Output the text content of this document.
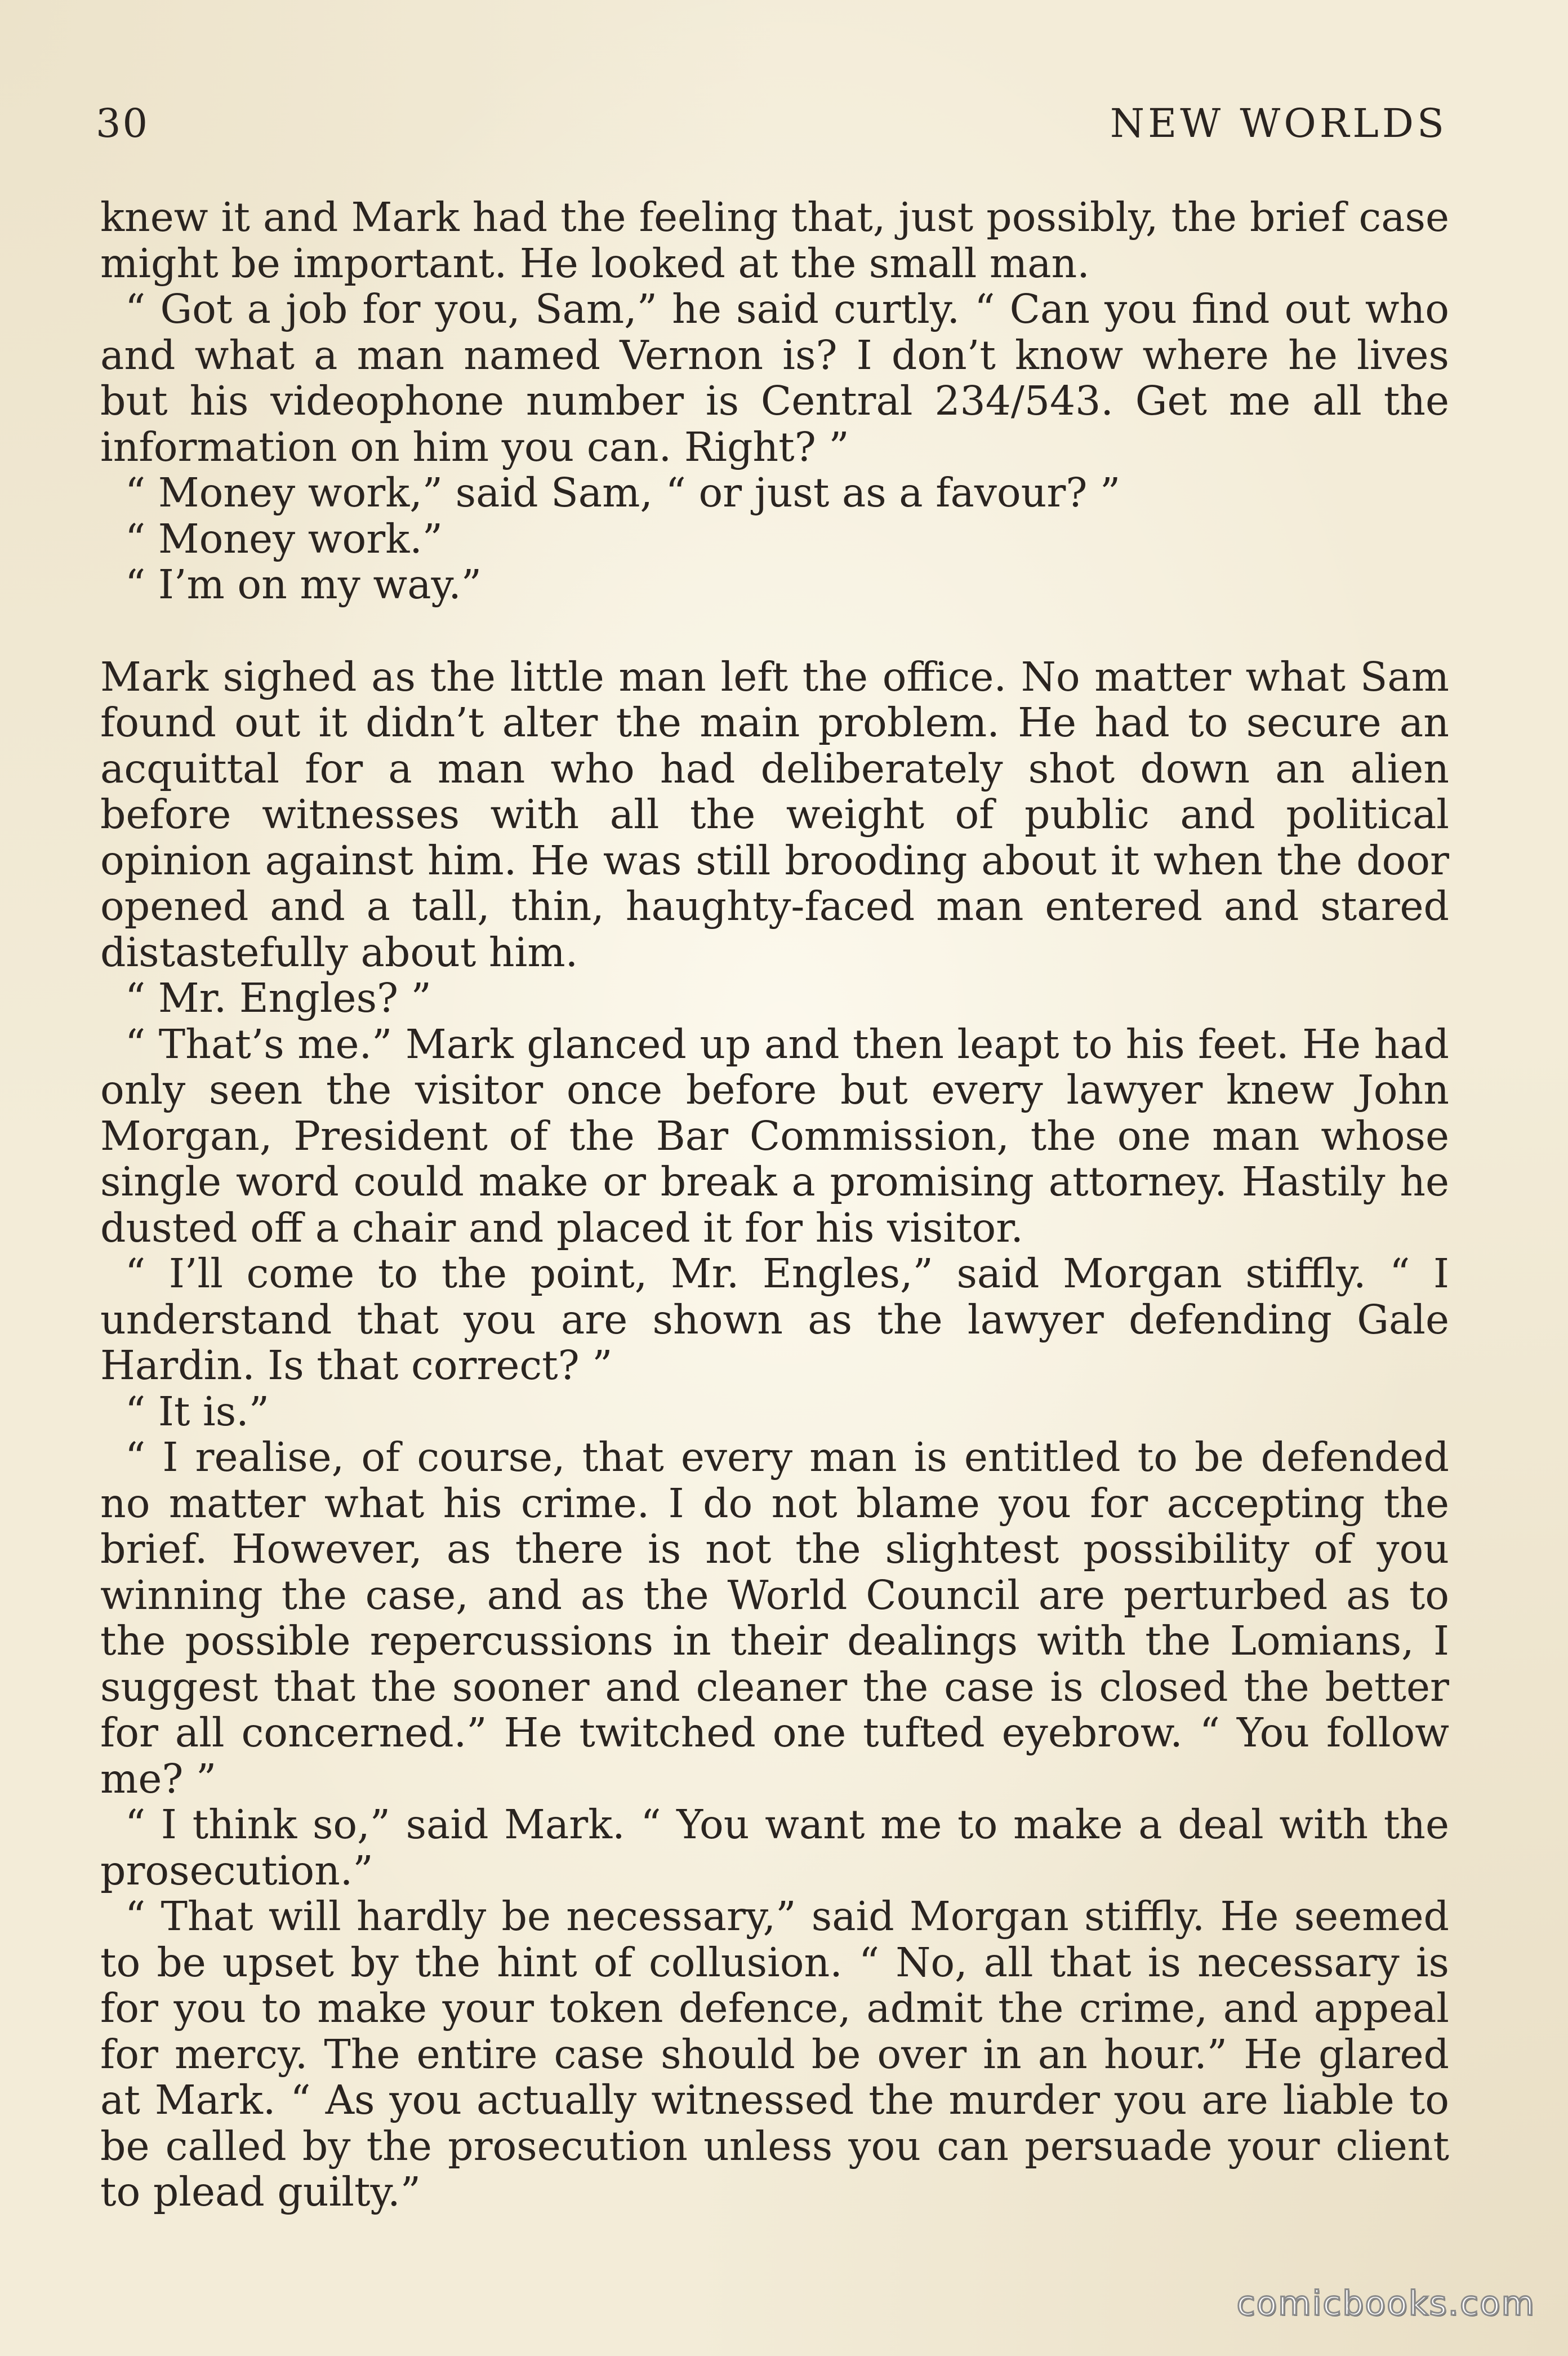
30	NEW WORLDS

knew it and Mark had the feeling that, just possibly, the brief case might be important. He looked at the small man.

“ Got a job for you, Sam,” he said curtly. “ Can you find out who and what a man named Vernon is? I don’t know where he lives but his videophone number is Central 234/543. Get me all the information on him you can. Right? ”

“ Money work,” said Sam, “ or just as a favour? ”

“ Money work.”

“ I’m on my way.”

Mark sighed as the little man left the office. No matter what Sam found out it didn’t alter the main problem. He had to secure an acquittal for a man who had deliberately shot down an alien before witnesses with all the weight of public and political opinion against him. He was still brooding about it when the door opened and a tall, thin, haughty-faced man entered and stared distastefully about him.

“ Mr. Engles? ”

“ That’s me.” Mark glanced up and then leapt to his feet. He had only seen the visitor once before but every lawyer knew John Morgan, President of the Bar Commission, the one man whose single word could make or break a promising attorney. Hastily he dusted off a chair and placed it for his visitor.

“ I’ll come to the point, Mr. Engles,” said Morgan stiffly. “ I understand that you are shown as the lawyer defending Gale Hardin. Is that correct? ”

“ It is.”

“ I realise, of course, that every man is entitled to be defended no matter what his crime. I do not blame you for accepting the brief. However, as there is not the slightest possibility of you winning the case, and as the World Council are perturbed as to the possible repercussions in their dealings with the Lomians, I suggest that the sooner and cleaner the case is closed the better for all concerned.” He twitched one tufted eyebrow. “ You follow me? ”

“ I think so,” said Mark. “ You want me to make a deal with the prosecution.”

“ That will hardly be necessary,” said Morgan stiffly. He seemed to be upset by the hint of collusion. “ No, all that is necessary is for you to make your token defence, admit the crime, and appeal for mercy. The entire case should be over in an hour.” He glared at Mark. “ As you actually witnessed the murder you are liable to be called by the prosecution unless you can persuade your client to plead guilty.”

comicbooks.com
